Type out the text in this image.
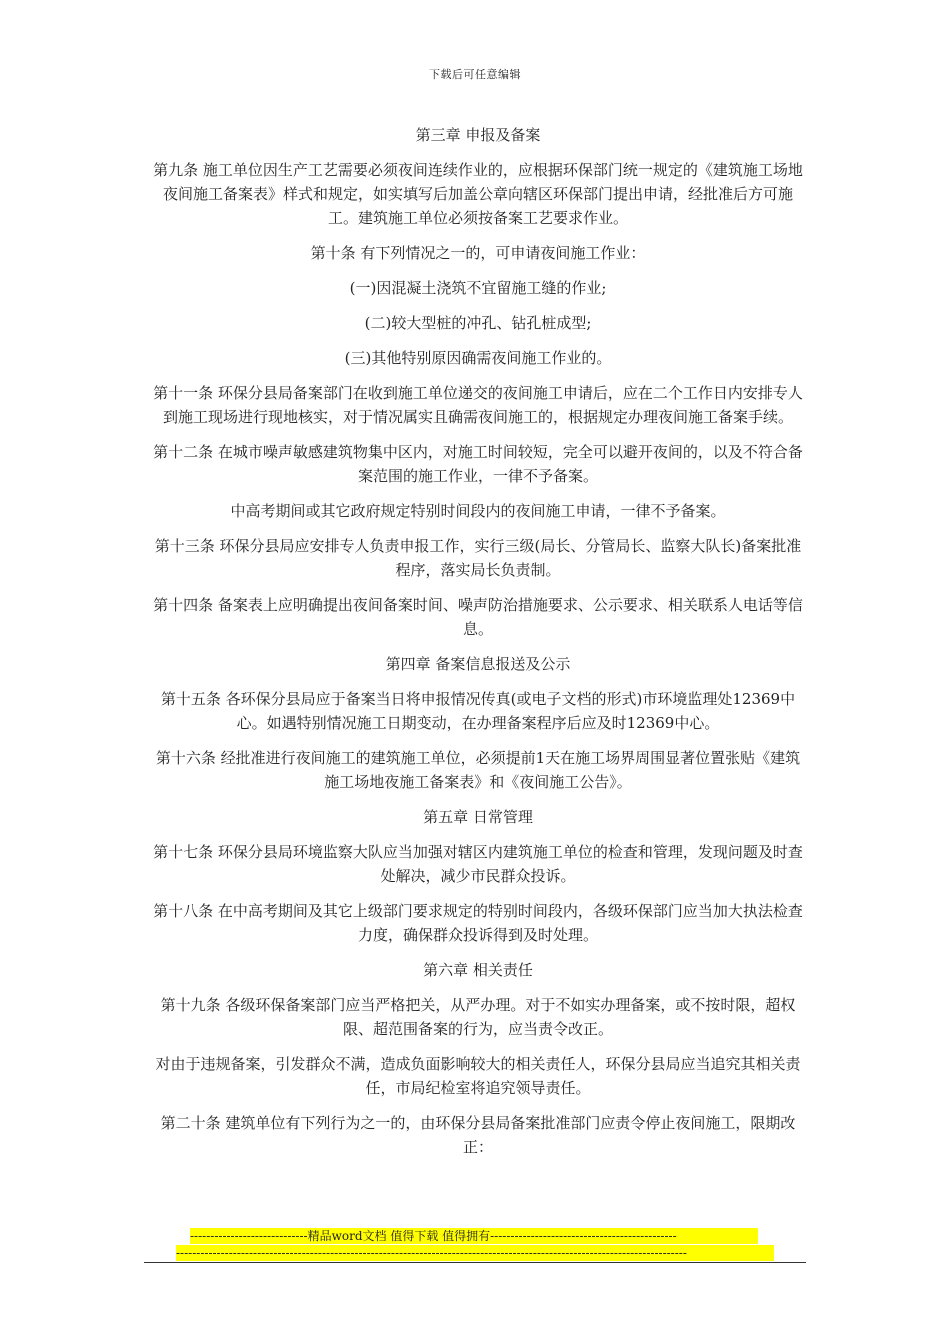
下载后可任意编辑

第三章 申报及备案

第九条 施工单位因生产工艺需要必须夜间连续作业的，应根据环保部门统一规定的《建筑施工场地夜间施工备案表》样式和规定，如实填写后加盖公章向辖区环保部门提出申请，经批准后方可施工。建筑施工单位必须按备案工艺要求作业。

第十条 有下列情况之一的，可申请夜间施工作业：

(一)因混凝土浇筑不宜留施工缝的作业;

(二)较大型桩的冲孔、钻孔桩成型;

(三)其他特别原因确需夜间施工作业的。

第十一条 环保分县局备案部门在收到施工单位递交的夜间施工申请后，应在二个工作日内安排专人到施工现场进行现地核实，对于情况属实且确需夜间施工的，根据规定办理夜间施工备案手续。

第十二条 在城市噪声敏感建筑物集中区内，对施工时间较短，完全可以避开夜间的，以及不符合备案范围的施工作业，一律不予备案。

中高考期间或其它政府规定特别时间段内的夜间施工申请，一律不予备案。

第十三条 环保分县局应安排专人负责申报工作，实行三级(局长、分管局长、监察大队长)备案批准程序，落实局长负责制。

第十四条 备案表上应明确提出夜间备案时间、噪声防治措施要求、公示要求、相关联系人电话等信息。

第四章 备案信息报送及公示

第十五条 各环保分县局应于备案当日将申报情况传真(或电子文档的形式)市环境监理处12369中心。如遇特别情况施工日期变动，在办理备案程序后应及时12369中心。

第十六条 经批准进行夜间施工的建筑施工单位，必须提前1天在施工场界周围显著位置张贴《建筑施工场地夜施工备案表》和《夜间施工公告》。

第五章 日常管理

第十七条 环保分县局环境监察大队应当加强对辖区内建筑施工单位的检查和管理，发现问题及时查处解决，减少市民群众投诉。

第十八条 在中高考期间及其它上级部门要求规定的特别时间段内，各级环保部门应当加大执法检查力度，确保群众投诉得到及时处理。

第六章 相关责任

第十九条 各级环保备案部门应当严格把关，从严办理。对于不如实办理备案，或不按时限，超权限、超范围备案的行为，应当责令改正。

对由于违规备案，引发群众不满，造成负面影响较大的相关责任人，环保分县局应当追究其相关责任，市局纪检室将追究领导责任。

第二十条 建筑单位有下列行为之一的，由环保分县局备案批准部门应责令停止夜间施工，限期改正：

-----------------------------精品word文档 值得下载 值得拥有----------------------------------------------
------------------------------------------------------------------------------------------------------------------------------
